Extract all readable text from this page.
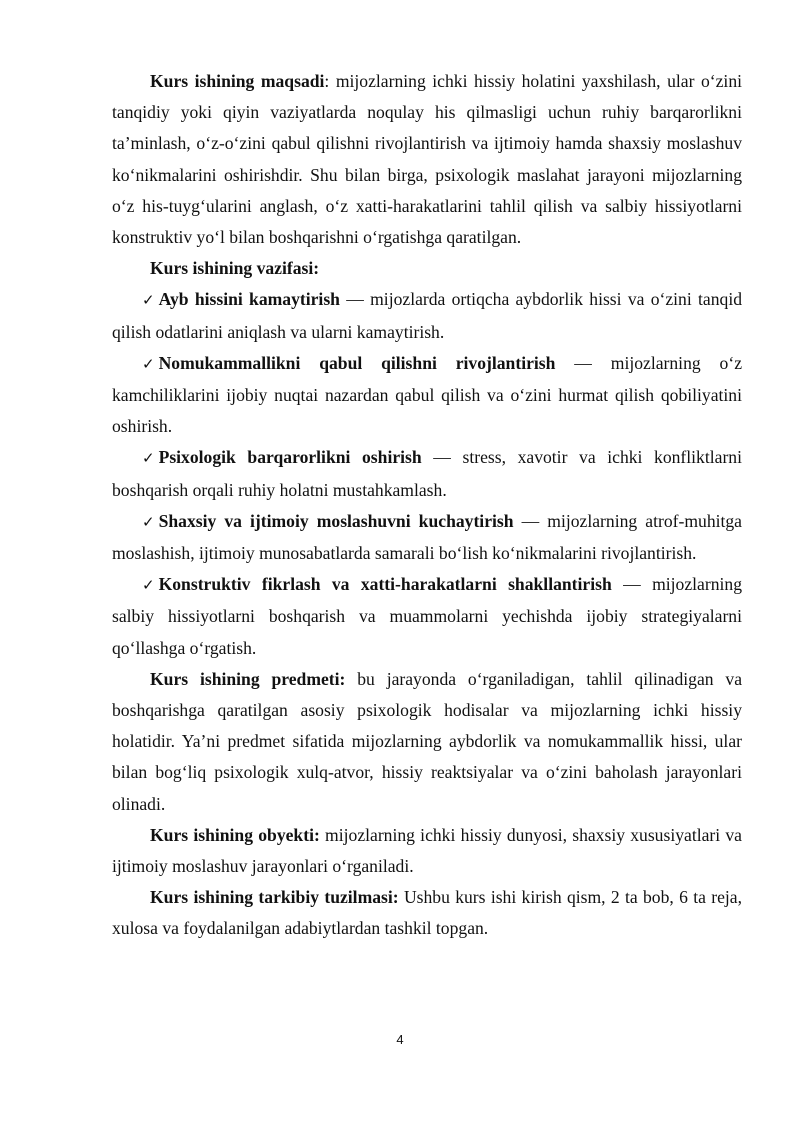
Kurs ishining maqsadi: mijozlarning ichki hissiy holatini yaxshilash, ular o‘zini tanqidiy yoki qiyin vaziyatlarda noqulay his qilmasligi uchun ruhiy barqarorlikni ta’minlash, o‘z-o‘zini qabul qilishni rivojlantirish va ijtimoiy hamda shaxsiy moslashuv ko‘nikmalarini oshirishdir. Shu bilan birga, psixologik maslahat jarayoni mijozlarning o‘z his-tuyg‘ularini anglash, o‘z xatti-harakatlarini tahlil qilish va salbiy hissiyotlarni konstruktiv yo‘l bilan boshqarishni o‘rgatishga qaratilgan.

Kurs ishining vazifasi:

✓ Ayb hissini kamaytirish — mijozlarda ortiqcha aybdorlik hissi va o‘zini tanqid qilish odatlarini aniqlash va ularni kamaytirish.

✓ Nomukammallikni qabul qilishni rivojlantirish — mijozlarning o‘z kamchiliklarini ijobiy nuqtai nazardan qabul qilish va o‘zini hurmat qilish qobiliyatini oshirish.

✓ Psixologik barqarorlikni oshirish — stress, xavotir va ichki konfliktlarni boshqarish orqali ruhiy holatni mustahkamlash.

✓ Shaxsiy va ijtimoiy moslashuvni kuchaytirish — mijozlarning atrof-muhitga moslashish, ijtimoiy munosabatlarda samarali bo‘lish ko‘nikmalarini rivojlantirish.

✓ Konstruktiv fikrlash va xatti-harakatlarni shakllantirish — mijozlarning salbiy hissiyotlarni boshqarish va muammolarni yechishda ijobiy strategiyalarni qo‘llashga o‘rgatish.

Kurs ishining predmeti: bu jarayonda o‘rganiladigan, tahlil qilinadigan va boshqarishga qaratilgan asosiy psixologik hodisalar va mijozlarning ichki hissiy holatidir. Ya’ni predmet sifatida mijozlarning aybdorlik va nomukammallik hissi, ular bilan bog‘liq psixologik xulq-atvor, hissiy reaktsiyalar va o‘zini baholash jarayonlari olinadi.

Kurs ishining obyekti: mijozlarning ichki hissiy dunyosi, shaxsiy xususiyatlari va ijtimoiy moslashuv jarayonlari o‘rganiladi.

Kurs ishining tarkibiy tuzilmasi: Ushbu kurs ishi kirish qism, 2 ta bob, 6 ta reja, xulosa va foydalanilgan adabiytlardan tashkil topgan.

4
